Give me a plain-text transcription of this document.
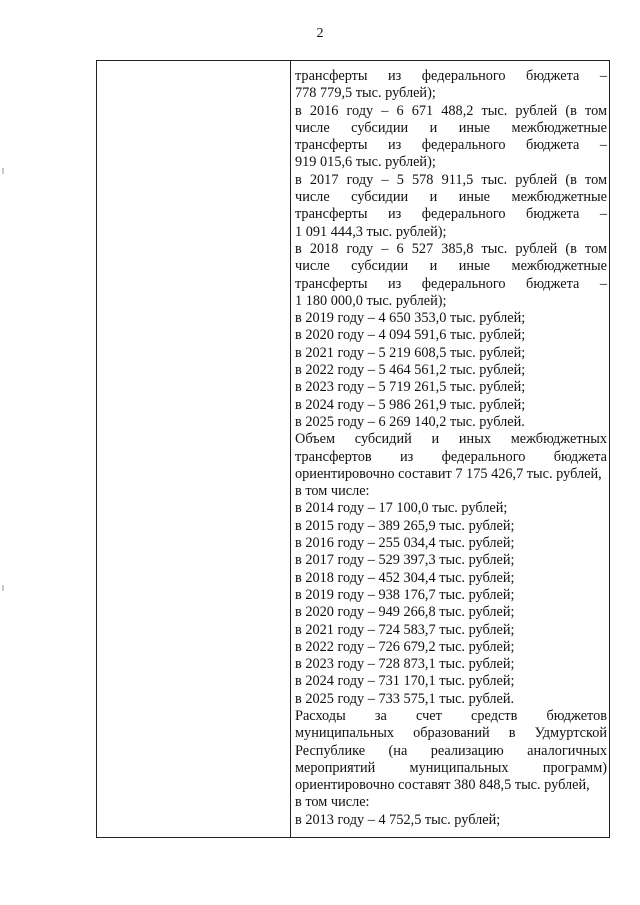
2
трансферты из федерального бюджета –
778 779,5 тыс. рублей);
в 2016 году – 6 671 488,2 тыс. рублей (в том
числе субсидии и иные межбюджетные
трансферты из федерального бюджета –
919 015,6 тыс. рублей);
в 2017 году – 5 578 911,5 тыс. рублей (в том
числе субсидии и иные межбюджетные
трансферты из федерального бюджета –
1 091 444,3 тыс. рублей);
в 2018 году – 6 527 385,8 тыс. рублей (в том
числе субсидии и иные межбюджетные
трансферты из федерального бюджета –
1 180 000,0 тыс. рублей);
в 2019 году – 4 650 353,0 тыс. рублей;
в 2020 году – 4 094 591,6 тыс. рублей;
в 2021 году – 5 219 608,5 тыс. рублей;
в 2022 году – 5 464 561,2 тыс. рублей;
в 2023 году – 5 719 261,5 тыс. рублей;
в 2024 году – 5 986 261,9 тыс. рублей;
в 2025 году – 6 269 140,2 тыс. рублей.
Объем субсидий и иных межбюджетных
трансфертов из федерального бюджета
ориентировочно составит 7 175 426,7 тыс. рублей,
в том числе:
в 2014 году – 17 100,0 тыс. рублей;
в 2015 году – 389 265,9 тыс. рублей;
в 2016 году – 255 034,4 тыс. рублей;
в 2017 году – 529 397,3 тыс. рублей;
в 2018 году – 452 304,4 тыс. рублей;
в 2019 году – 938 176,7 тыс. рублей;
в 2020 году – 949 266,8 тыс. рублей;
в 2021 году – 724 583,7 тыс. рублей;
в 2022 году – 726 679,2 тыс. рублей;
в 2023 году – 728 873,1 тыс. рублей;
в 2024 году – 731 170,1 тыс. рублей;
в 2025 году – 733 575,1 тыс. рублей.
Расходы за счет средств бюджетов
муниципальных образований в Удмуртской
Республике (на реализацию аналогичных
мероприятий муниципальных программ)
ориентировочно составят 380 848,5 тыс. рублей,
в том числе:
в 2013 году – 4 752,5 тыс. рублей;
